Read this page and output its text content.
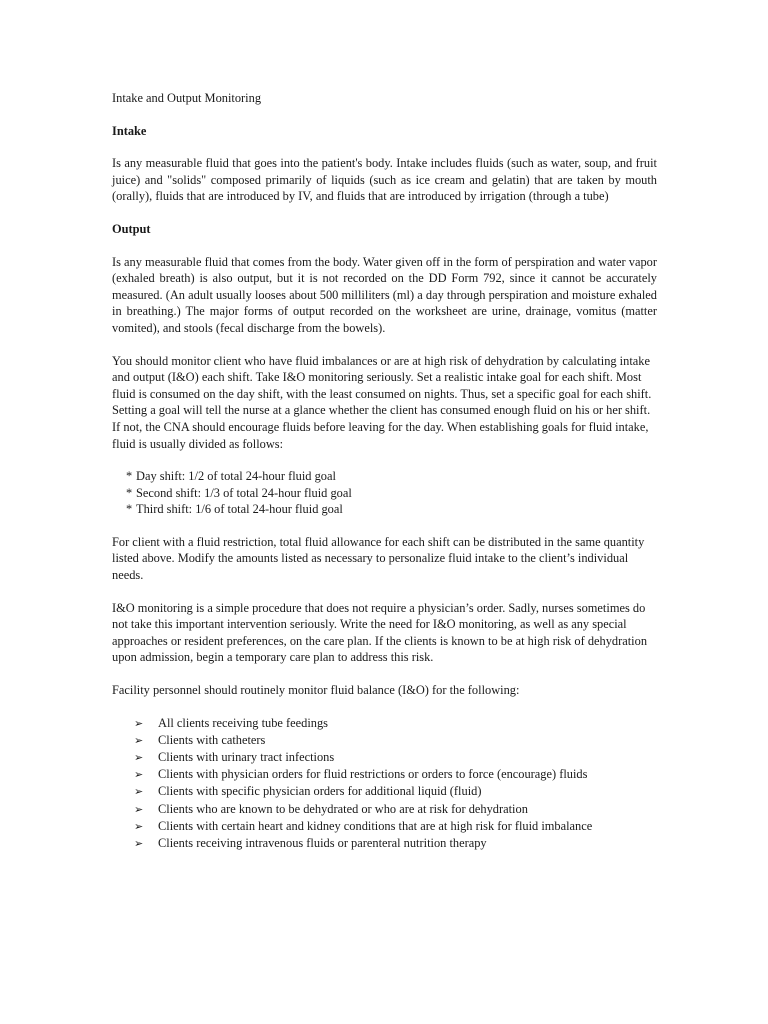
Intake and Output Monitoring

Intake

Is any measurable fluid that goes into the patient's body. Intake includes fluids (such as water, soup, and fruit juice) and "solids" composed primarily of liquids (such as ice cream and gelatin) that are taken by mouth (orally), fluids that are introduced by IV, and fluids that are introduced by irrigation (through a tube)

Output

Is any measurable fluid that comes from the body. Water given off in the form of perspiration and water vapor (exhaled breath) is also output, but it is not recorded on the DD Form 792, since it cannot be accurately measured. (An adult usually looses about 500 milliliters (ml) a day through perspiration and moisture exhaled in breathing.) The major forms of output recorded on the worksheet are urine, drainage, vomitus (matter vomited), and stools (fecal discharge from the bowels).

You should monitor client who have fluid imbalances or are at high risk of dehydration by calculating intake and output (I&O) each shift. Take I&O monitoring seriously. Set a realistic intake goal for each shift. Most fluid is consumed on the day shift, with the least consumed on nights. Thus, set a specific goal for each shift. Setting a goal will tell the nurse at a glance whether the client has consumed enough fluid on his or her shift. If not, the CNA should encourage fluids before leaving for the day. When establishing goals for fluid intake, fluid is usually divided as follows:

* Day shift: 1/2 of total 24-hour fluid goal
* Second shift: 1/3 of total 24-hour fluid goal
* Third shift: 1/6 of total 24-hour fluid goal

For client with a fluid restriction, total fluid allowance for each shift can be distributed in the same quantity listed above. Modify the amounts listed as necessary to personalize fluid intake to the client’s individual needs.

I&O monitoring is a simple procedure that does not require a physician’s order. Sadly, nurses sometimes do not take this important intervention seriously. Write the need for I&O monitoring, as well as any special approaches or resident preferences, on the care plan. If the clients is known to be at high risk of dehydration upon admission, begin a temporary care plan to address this risk.

Facility personnel should routinely monitor fluid balance (I&O) for the following:

➢ All clients receiving tube feedings
➢ Clients with catheters
➢ Clients with urinary tract infections
➢ Clients with physician orders for fluid restrictions or orders to force (encourage) fluids
➢ Clients with specific physician orders for additional liquid (fluid)
➢ Clients who are known to be dehydrated or who are at risk for dehydration
➢ Clients with certain heart and kidney conditions that are at high risk for fluid imbalance
➢ Clients receiving intravenous fluids or parenteral nutrition therapy
